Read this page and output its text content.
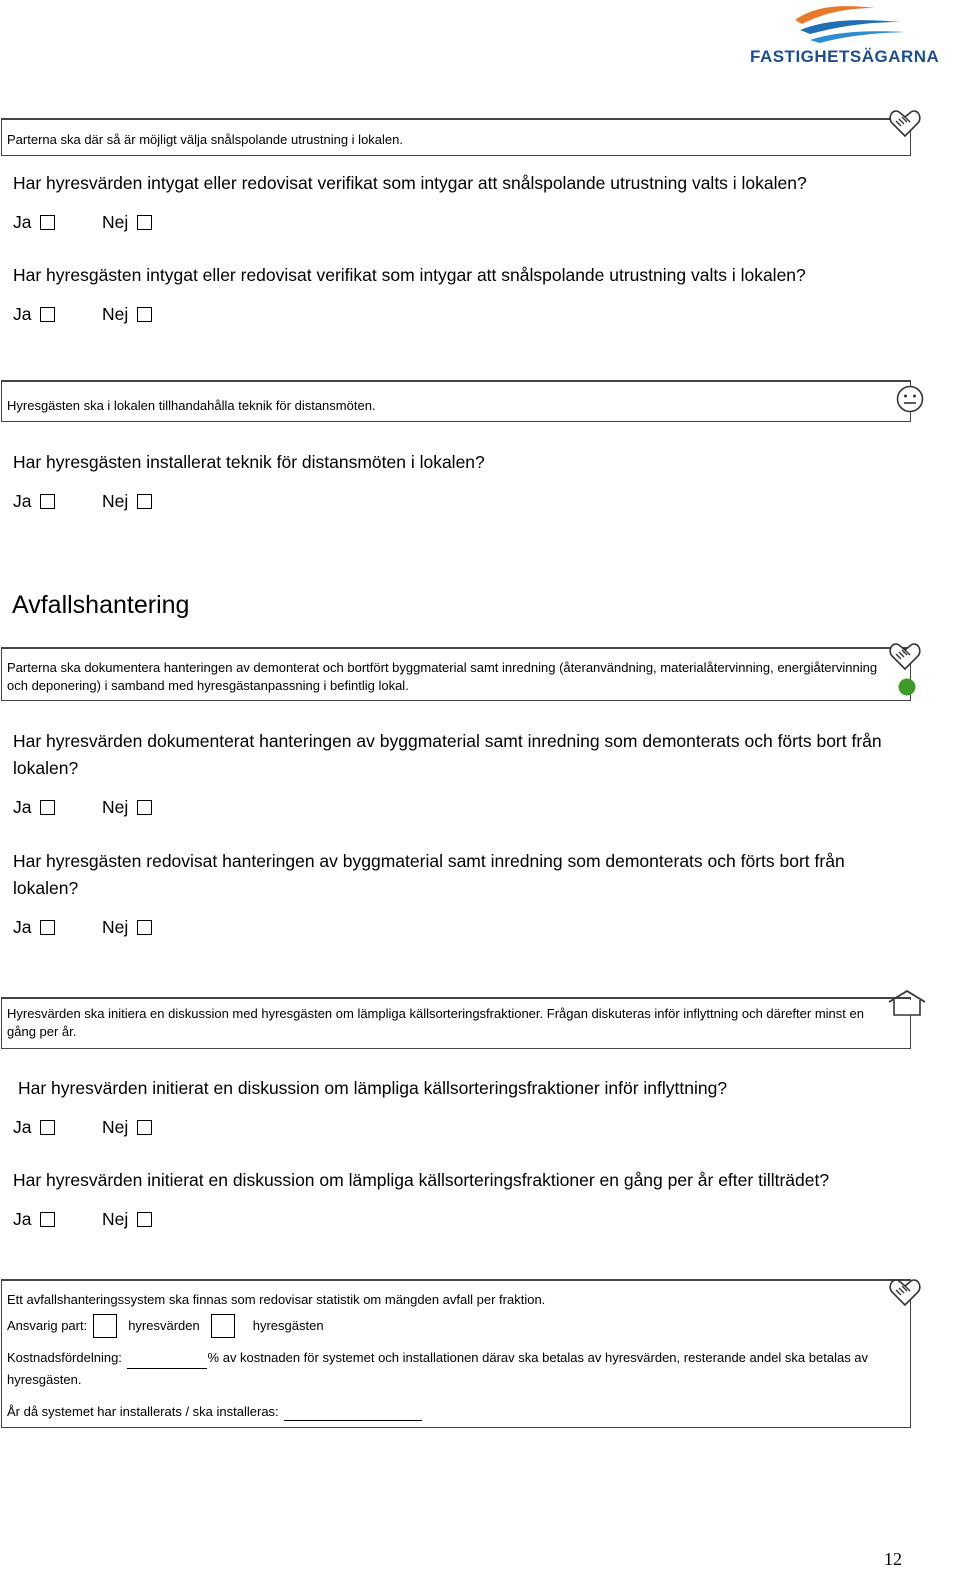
FASTIGHETSÄGARNA
Parterna ska där så är möjligt välja snålspolande utrustning i lokalen.
Har hyresvärden intygat eller redovisat verifikat som intygar att snålspolande utrustning valts i lokalen?
Ja	Nej
Har hyresgästen intygat eller redovisat verifikat som intygar att snålspolande utrustning valts i lokalen?
Ja	Nej
Hyresgästen ska i lokalen tillhandahålla teknik för distansmöten.
Har hyresgästen installerat teknik för distansmöten i lokalen?
Ja	Nej
Avfallshantering
Parterna ska dokumentera hanteringen av demonterat och bortfört byggmaterial samt inredning (återanvändning, materialåtervinning, energiåtervinning och deponering) i samband med hyresgästanpassning i befintlig lokal.
Har hyresvärden dokumenterat hanteringen av byggmaterial samt inredning som demonterats och förts bort från lokalen?
Ja	Nej
Har hyresgästen redovisat hanteringen av byggmaterial samt inredning som demonterats och förts bort från lokalen?
Ja	Nej
Hyresvärden ska initiera en diskussion med hyresgästen om lämpliga källsorteringsfraktioner. Frågan diskuteras inför inflyttning och därefter minst en gång per år.
Har hyresvärden initierat en diskussion om lämpliga källsorteringsfraktioner inför inflyttning?
Ja	Nej
Har hyresvärden initierat en diskussion om lämpliga källsorteringsfraktioner en gång per år efter tillträdet?
Ja	Nej
Ett avfallshanteringssystem ska finnas som redovisar statistik om mängden avfall per fraktion.
Ansvarig part:	hyresvärden	hyresgästen
Kostnadsfördelning:	% av kostnaden för systemet och installationen därav ska betalas av hyresvärden, resterande andel ska betalas av hyresgästen.
År då systemet har installerats / ska installeras:
12
